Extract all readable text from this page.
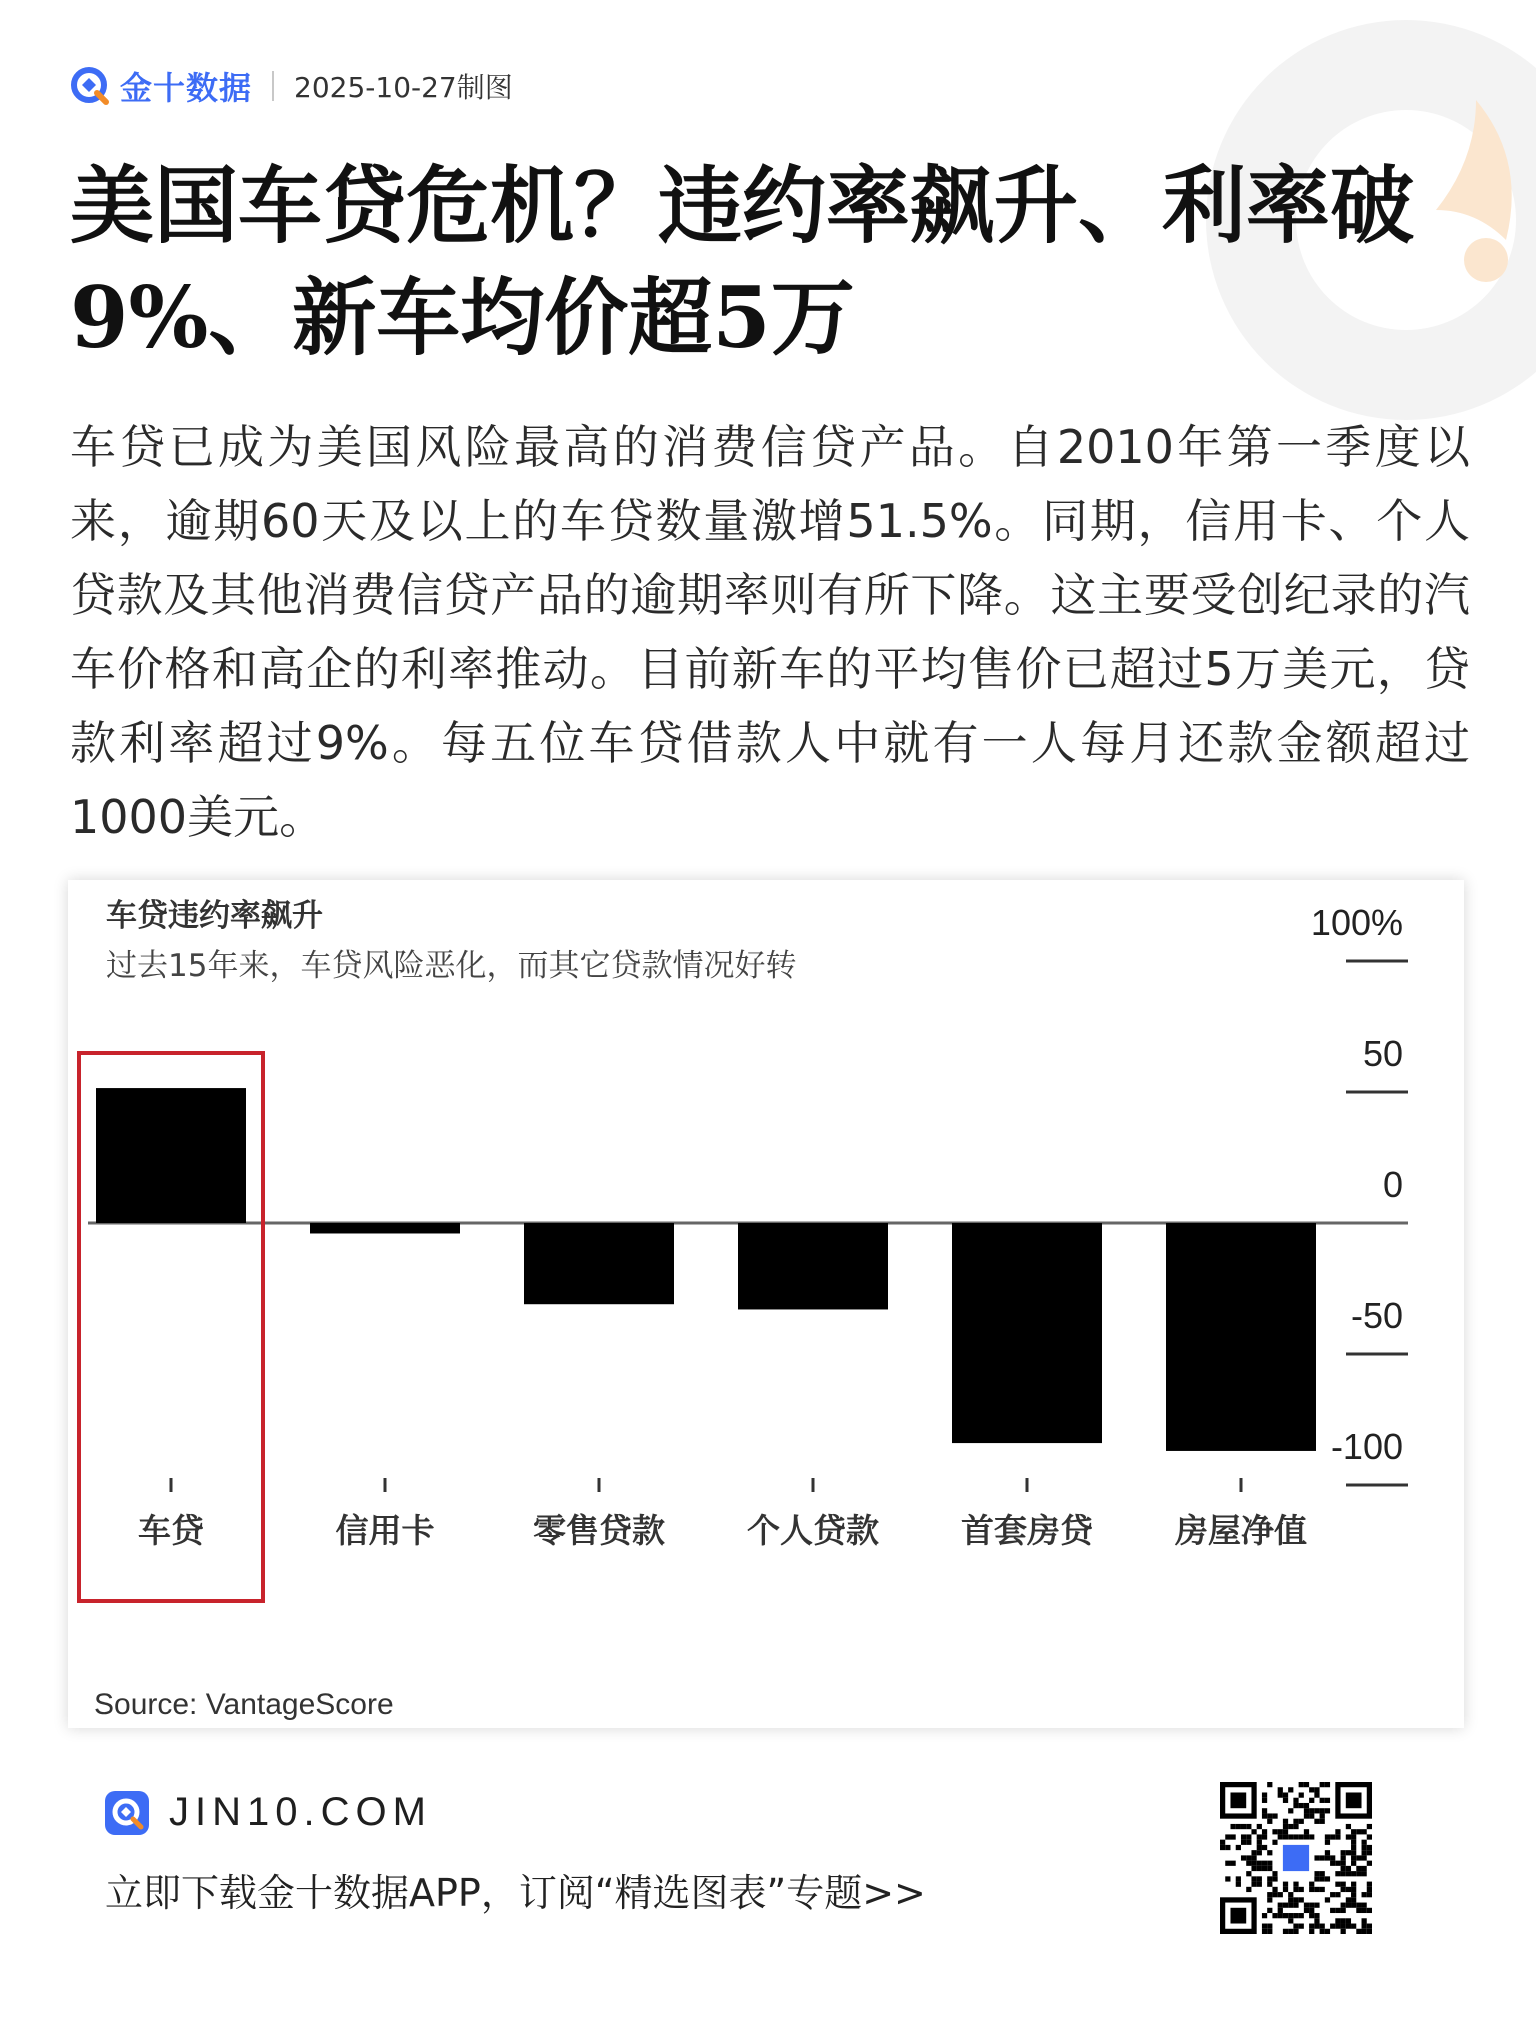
金十数据 2025-10-27制图
美国车贷危机？违约率飙升、利率破9%、新车均价超5万

车贷已成为美国风险最高的消费信贷产品。自2010年第一季度以来，逾期60天及以上的车贷数量激增51.5%。同期，信用卡、个人贷款及其他消费信贷产品的逾期率则有所下降。这主要受创纪录的汽车价格和高企的利率推动。目前新车的平均售价已超过5万美元，贷款利率超过9%。每五位车贷借款人中就有一人每月还款金额超过1000美元。

车贷违约率飙升
过去15年来，车贷风险恶化，而其它贷款情况好转
-100
-50
0
50
100%
车贷	信用卡	零售贷款 个人贷款 首套房贷 房屋净值
Source: VantageScore
JIN10.COM
立即下载金十数据APP，订阅“精选图表”专题>>
